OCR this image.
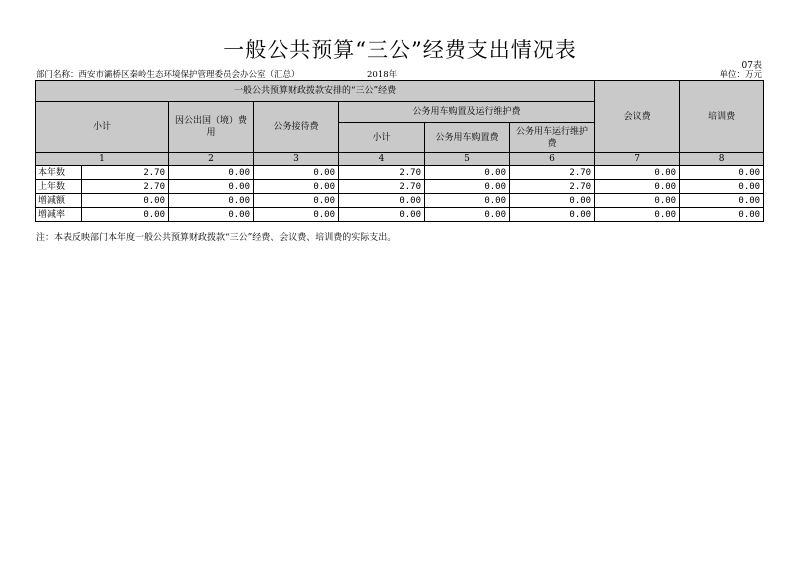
一般公共预算“三公”经费支出情况表
07表
部门名称：西安市灞桥区秦岭生态环境保护管理委员会办公室（汇总）	2018年	单位：万元
一般公共预算财政拨款安排的“三公”经费							会议费	培训费
小计		因公出国（境）费用	公务接待费	公务用车购置及运行维护费				
				小计	公务用车购置费	公务用车运行维护费		
1		2	3	4	5	6	7	8
本年数	2.70	0.00	0.00	2.70	0.00	2.70	0.00	0.00
上年数	2.70	0.00	0.00	2.70	0.00	2.70	0.00	0.00
增减额	0.00	0.00	0.00	0.00	0.00	0.00	0.00	0.00
增减率	0.00	0.00	0.00	0.00	0.00	0.00	0.00	0.00
注：本表反映部门本年度一般公共预算财政拨款“三公”经费、会议费、培训费的实际支出。
